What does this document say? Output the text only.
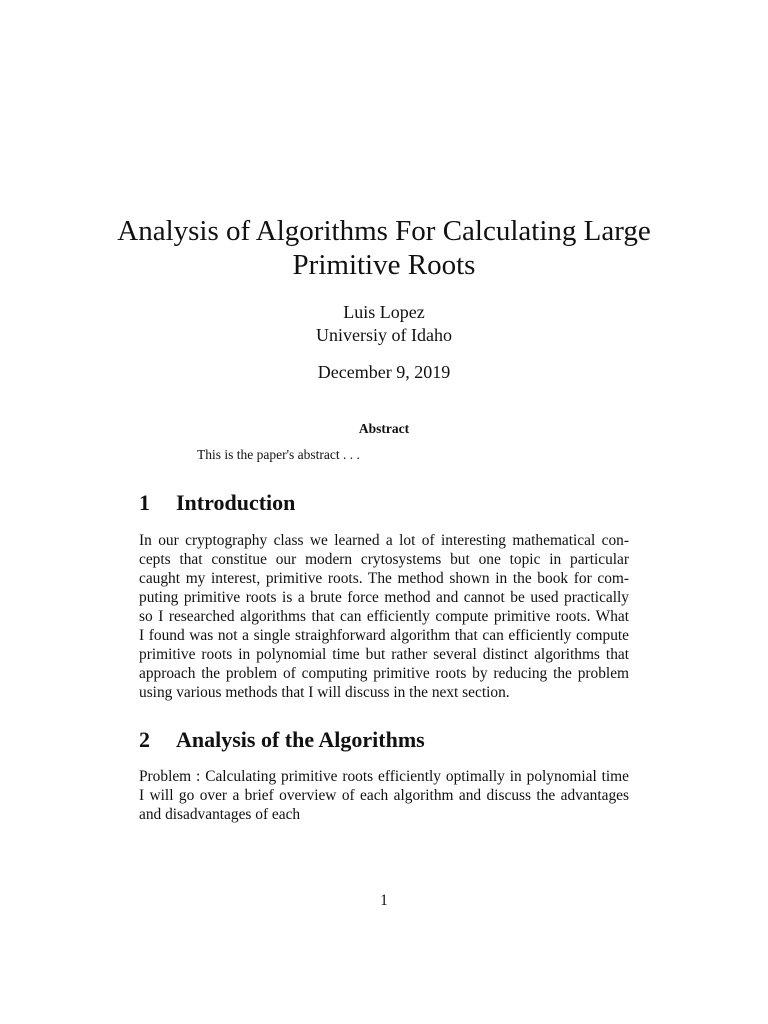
Analysis of Algorithms For Calculating Large
Primitive Roots
Luis Lopez
Universiy of Idaho
December 9, 2019
Abstract
This is the paper's abstract . . .
1 Introduction
In our cryptography class we learned a lot of interesting mathematical con-
cepts that constitue our modern crytosystems but one topic in particular
caught my interest, primitive roots. The method shown in the book for com-
puting primitive roots is a brute force method and cannot be used practically
so I researched algorithms that can efficiently compute primitive roots. What
I found was not a single straighforward algorithm that can efficiently compute
primitive roots in polynomial time but rather several distinct algorithms that
approach the problem of computing primitive roots by reducing the problem
using various methods that I will discuss in the next section.
2 Analysis of the Algorithms
Problem : Calculating primitive roots efficiently optimally in polynomial time
I will go over a brief overview of each algorithm and discuss the advantages
and disadvantages of each
1
